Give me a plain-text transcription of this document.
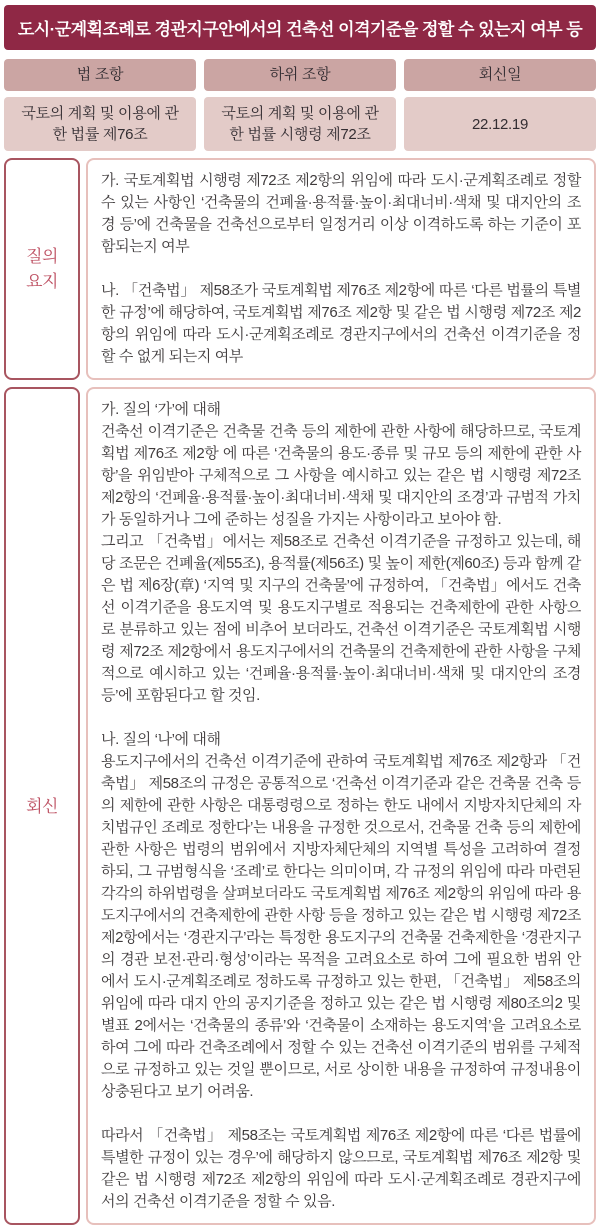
도시·군계획조례로 경관지구안에서의 건축선 이격기준을 정할 수 있는지 여부 등
법 조항	하위 조항	회신일
국토의 계획 및 이용에 관한 법률 제76조
국토의 계획 및 이용에 관한 법률 시행령 제72조
22.12.19
질의 요지

가. 국토계획법 시행령 제72조 제2항의 위임에 따라 도시·군계획조례로 정할 수 있는 사항인 ‘건축물의 건폐율·용적률·높이·최대너비·색채 및 대지안의 조경 등’에 건축물을 건축선으로부터 일정거리 이상 이격하도록 하는 기준이 포함되는지 여부

나. 「건축법」 제58조가 국토계획법 제76조 제2항에 따른 ‘다른 법률의 특별한 규정’에 해당하여, 국토계획법 제76조 제2항 및 같은 법 시행령 제72조 제2항의 위임에 따라 도시·군계획조례로 경관지구에서의 건축선 이격기준을 정할 수 없게 되는지 여부

회신

가. 질의 ‘가’에 대해

건축선 이격기준은 건축물 건축 등의 제한에 관한 사항에 해당하므로, 국토계획법 제76조 제2항 에 따른 ‘건축물의 용도·종류 및 규모 등의 제한에 관한 사항’을 위임받아 구체적으로 그 사항을 예시하고 있는 같은 법 시행령 제72조 제2항의 ‘건폐율·용적률·높이·최대너비·색채 및 대지안의 조경’과 규범적 가치가 동일하거나 그에 준하는 성질을 가지는 사항이라고 보아야 함.

그리고 「건축법」에서는 제58조로 건축선 이격기준을 규정하고 있는데, 해당 조문은 건폐율(제55조), 용적률(제56조) 및 높이 제한(제60조) 등과 함께 같은 법 제6장(章) ‘지역 및 지구의 건축물’에 규정하여, 「건축법」에서도 건축선 이격기준을 용도지역 및 용도지구별로 적용되는 건축제한에 관한 사항으로 분류하고 있는 점에 비추어 보더라도, 건축선 이격기준은 국토계획법 시행령 제72조 제2항에서 용도지구에서의 건축물의 건축제한에 관한 사항을 구체적으로 예시하고 있는 ‘건폐율·용적률·높이·최대너비·색채 및 대지안의 조경 등’에 포함된다고 할 것임.

나. 질의 ‘나’에 대해

용도지구에서의 건축선 이격기준에 관하여 국토계획법 제76조 제2항과 「건축법」 제58조의 규정은 공통적으로 ‘건축선 이격기준과 같은 건축물 건축 등의 제한에 관한 사항은 대통령령으로 정하는 한도 내에서 지방자치단체의 자치법규인 조례로 정한다’는 내용을 규정한 것으로서, 건축물 건축 등의 제한에 관한 사항은 법령의 범위에서 지방자체단체의 지역별 특성을 고려하여 결정하되, 그 규범형식을 ‘조례’로 한다는 의미이며, 각 규정의 위임에 따라 마련된 각각의 하위법령을 살펴보더라도 국토계획법 제76조 제2항의 위임에 따라 용도지구에서의 건축제한에 관한 사항 등을 정하고 있는 같은 법 시행령 제72조 제2항에서는 ‘경관지구’라는 특정한 용도지구의 건축물 건축제한을 ‘경관지구의 경관 보전·관리·형성’이라는 목적을 고려요소로 하여 그에 필요한 범위 안에서 도시·군계획조례로 정하도록 규정하고 있는 한편, 「건축법」 제58조의 위임에 따라 대지 안의 공지기준을 정하고 있는 같은 법 시행령 제80조의2 및 별표 2에서는 ‘건축물의 종류’와 ‘건축물이 소재하는 용도지역’을 고려요소로 하여 그에 따라 건축조례에서 정할 수 있는 건축선 이격기준의 범위를 구체적으로 규정하고 있는 것일 뿐이므로, 서로 상이한 내용을 규정하여 규정내용이 상충된다고 보기 어려움.

따라서 「건축법」 제58조는 국토계획법 제76조 제2항에 따른 ‘다른 법률에 특별한 규정이 있는 경우’에 해당하지 않으므로, 국토계획법 제76조 제2항 및 같은 법 시행령 제72조 제2항의 위임에 따라 도시·군계획조례로 경관지구에서의 건축선 이격기준을 정할 수 있음.
